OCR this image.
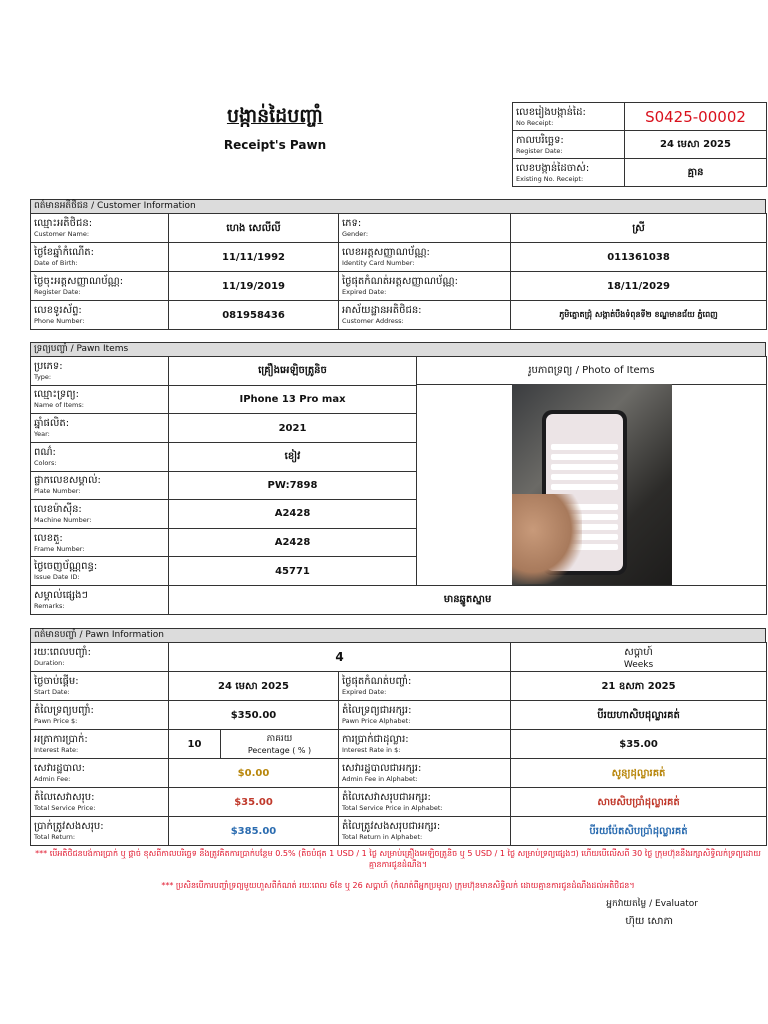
បង្កាន់ដៃបញ្ចាំ
Receipt's Pawn
លេខរៀងបង្កាន់ដៃ:
No Receipt:	S0425-00002

កាលបរិច្ឆេទ:
Register Date:	24 មេសា 2025

លេខបង្កាន់ដៃចាស់:
Existing No. Receipt:	គ្មាន
ពត៌មានអតិថិជន / Customer Information
ឈ្មោះអតិថិជន:
Customer Name:	ហេង សេលីលី	ភេទ:
Gender:	ស្រី

ថ្ងៃខែឆ្នាំកំណើត:
Date of Birth:	11/11/1992	លេខអត្តសញ្ញាណប័ណ្ណ:
Identity Card Number:	011361038

ថ្ងៃចុះអត្តសញ្ញាណប័ណ្ណ:
Register Date:	11/19/2019	ថ្ងៃផុតកំណត់អត្តសញ្ញាណប័ណ្ណ:
Expired Date:	18/11/2029

លេខទូរស័ព្ទ:
Phone Number:	081958436	អាស័យដ្ឋានអតិថិជន:
Customer Address:	ភូមិត្នោតជ្រុំ សង្កាត់បឹងទំពុនទី២ ខណ្ឌមានជ័យ ភ្នំពេញ
ទ្រព្យបញ្ចាំ / Pawn Items
ប្រភេទ:
Type:	គ្រឿងអេឡិចត្រូនិច	រូបភាពទ្រព្យ / Photo of Items

ឈ្មោះទ្រព្យ:
Name of Items:	IPhone 13 Pro max	

ឆ្នាំផលិត:
Year:	2021	

ពណ៌:
Colors:	ខៀវ	

ផ្លាកលេខសម្គាល់:
Plate Number:	PW:7898	

លេខម៉ាស៊ីន:
Machine Number:	A2428	

លេខតួ:
Frame Number:	A2428	

ថ្ងៃចេញប័ណ្ណពន្ធ:
Issue Date ID:	45771	

សម្គាល់ផ្សេងៗ
Remarks:	មានឆ្នូតស្នាម	
ពត៌មានបញ្ចាំ / Pawn Information
រយៈពេលបញ្ចាំ:
Duration:	4			សប្តាហ៍
Weeks

ថ្ងៃចាប់ផ្តើម:
Start Date:	24 មេសា 2025		ថ្ងៃផុតកំណត់បញ្ចាំ:
Expired Date:	21 ឧសភា 2025

តំលៃទ្រព្យបញ្ចាំ:
Pawn Price $:	$350.00		តំលៃទ្រព្យជាអក្សរ:
Pawn Price Alphabet:	បីរយហាសិបដុល្លារគត់

អត្រាការប្រាក់:
Interest Rate:	10	ភាគរយ
Pecentage ( % )	ការប្រាក់ជាដុល្លារ:
Interest Rate in $:	$35.00

សេវារដ្ឋបាល:
Admin Fee:	$0.00		សេវារដ្ឋបាលជាអក្សរ:
Admin Fee in Alphabet:	សូន្យដុល្លារគត់

តំលៃសេវាសរុប:
Total Service Price:	$35.00		តំលៃសេវាសរុបជាអក្សរ:
Total Service Price in Alphabet:	សាមសិបប្រាំដុល្លារគត់

ប្រាក់ត្រូវសងសរុប:
Total Return:	$385.00		តំលៃត្រូវសងសរុបជាអក្សរ:
Total Return in Alphabet:	បីរយប៉ែតសិបប្រាំដុល្លារគត់
*** បើអតិថិជនបង់ការប្រាក់ ឬ ផ្តាច់ ខុសពីកាលបរិច្ឆេទ នឹងត្រូវគិតការប្រាក់បន្ថែម 0.5% (តិចបំផុត 1 USD / 1 ថ្ងៃ សម្រាប់គ្រឿងអេឡិចត្រូនិច ឬ 5 USD / 1 ថ្ងៃ សម្រាប់ទ្រព្យផ្សេងៗ) ហើយបើលើសពី 30 ថ្ងៃ ក្រុមហ៊ុននឹងរក្សាសិទ្ធិលក់ទ្រព្យដោយគ្មានការជូនដំណឹង។
*** ប្រសិនបើការបញ្ចាំទ្រព្យមួយហួសពីកំណត់ រយៈពេល 6ខែ ឬ 26 សប្តាហ៍ (កំណត់ពីអ្នកប្រមូល) ក្រុមហ៊ុនមានសិទ្ធិលក់ ដោយគ្មានការជូនដំណឹងដល់អតិថិជន។
អ្នកវាយតម្លៃ / Evaluator
ហ៊ុយ សោភា
